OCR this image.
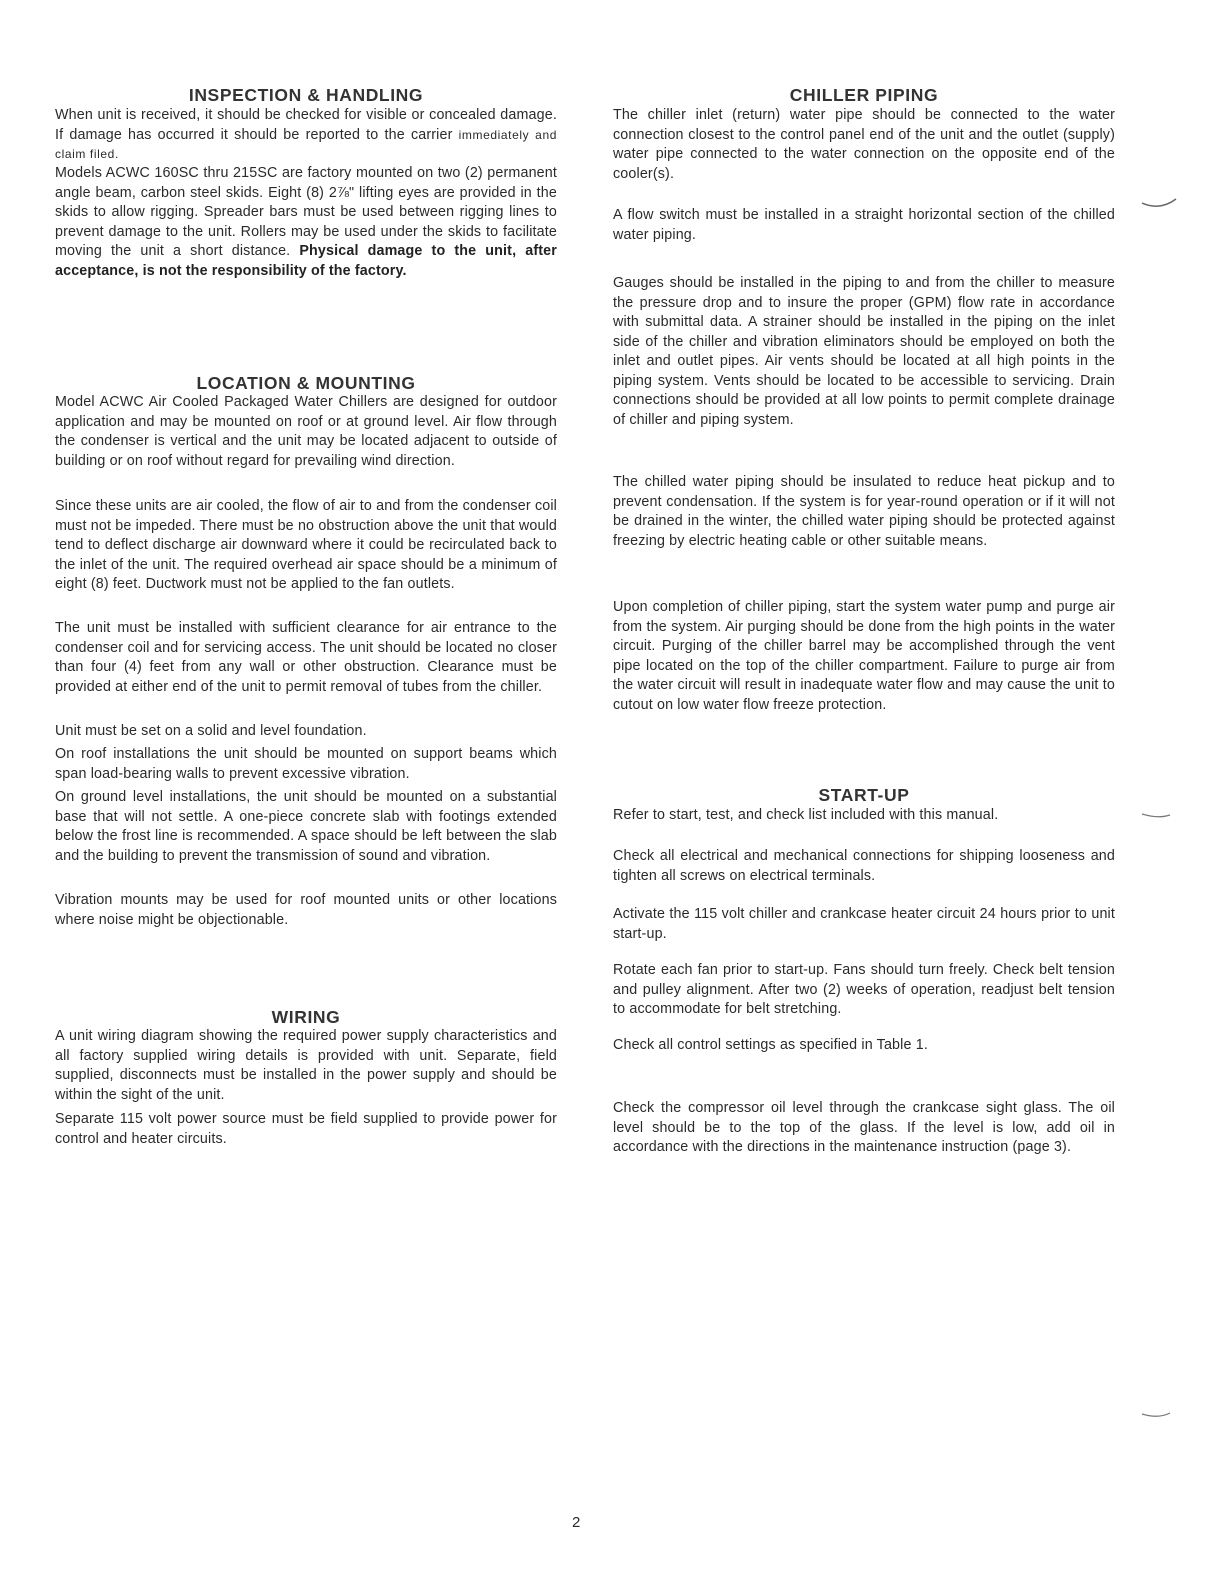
INSPECTION & HANDLING

When unit is received, it should be checked for visible or concealed damage. If damage has occurred it should be reported to the carrier immediately and claim filed.

Models ACWC 160SC thru 215SC are factory mounted on two (2) permanent angle beam, carbon steel skids. Eight (8) 2⅞" lifting eyes are provided in the skids to allow rigging. Spreader bars must be used between rigging lines to prevent damage to the unit. Rollers may be used under the skids to facilitate moving the unit a short distance. Physical damage to the unit, after acceptance, is not the responsibility of the factory.

LOCATION & MOUNTING

Model ACWC Air Cooled Packaged Water Chillers are designed for outdoor application and may be mounted on roof or at ground level. Air flow through the condenser is vertical and the unit may be located adjacent to outside of building or on roof without regard for prevailing wind direction.

Since these units are air cooled, the flow of air to and from the condenser coil must not be impeded. There must be no obstruction above the unit that would tend to deflect discharge air downward where it could be recirculated back to the inlet of the unit. The required overhead air space should be a minimum of eight (8) feet. Ductwork must not be applied to the fan outlets.

The unit must be installed with sufficient clearance for air entrance to the condenser coil and for servicing access. The unit should be located no closer than four (4) feet from any wall or other obstruction. Clearance must be provided at either end of the unit to permit removal of tubes from the chiller.

Unit must be set on a solid and level foundation.

On roof installations the unit should be mounted on support beams which span load-bearing walls to prevent excessive vibration.

On ground level installations, the unit should be mounted on a substantial base that will not settle. A one-piece concrete slab with footings extended below the frost line is recommended. A space should be left between the slab and the building to prevent the transmission of sound and vibration.

Vibration mounts may be used for roof mounted units or other locations where noise might be objectionable.

WIRING

A unit wiring diagram showing the required power supply characteristics and all factory supplied wiring details is provided with unit. Separate, field supplied, disconnects must be installed in the power supply and should be within the sight of the unit.

Separate 115 volt power source must be field supplied to provide power for control and heater circuits.

CHILLER PIPING

The chiller inlet (return) water pipe should be connected to the water connection closest to the control panel end of the unit and the outlet (supply) water pipe connected to the water connection on the opposite end of the cooler(s).

A flow switch must be installed in a straight horizontal section of the chilled water piping.

Gauges should be installed in the piping to and from the chiller to measure the pressure drop and to insure the proper (GPM) flow rate in accordance with submittal data. A strainer should be installed in the piping on the inlet side of the chiller and vibration eliminators should be employed on both the inlet and outlet pipes. Air vents should be located at all high points in the piping system. Vents should be located to be accessible to servicing. Drain connections should be provided at all low points to permit complete drainage of chiller and piping system.

The chilled water piping should be insulated to reduce heat pickup and to prevent condensation. If the system is for year-round operation or if it will not be drained in the winter, the chilled water piping should be protected against freezing by electric heating cable or other suitable means.

Upon completion of chiller piping, start the system water pump and purge air from the system. Air purging should be done from the high points in the water circuit. Purging of the chiller barrel may be accomplished through the vent pipe located on the top of the chiller compartment. Failure to purge air from the water circuit will result in inadequate water flow and may cause the unit to cutout on low water flow freeze protection.

START-UP

Refer to start, test, and check list included with this manual.

Check all electrical and mechanical connections for shipping looseness and tighten all screws on electrical terminals.

Activate the 115 volt chiller and crankcase heater circuit 24 hours prior to unit start-up.

Rotate each fan prior to start-up. Fans should turn freely. Check belt tension and pulley alignment. After two (2) weeks of operation, readjust belt tension to accommodate for belt stretching.

Check all control settings as specified in Table 1.

Check the compressor oil level through the crankcase sight glass. The oil level should be to the top of the glass. If the level is low, add oil in accordance with the directions in the maintenance instruction (page 3).

2
